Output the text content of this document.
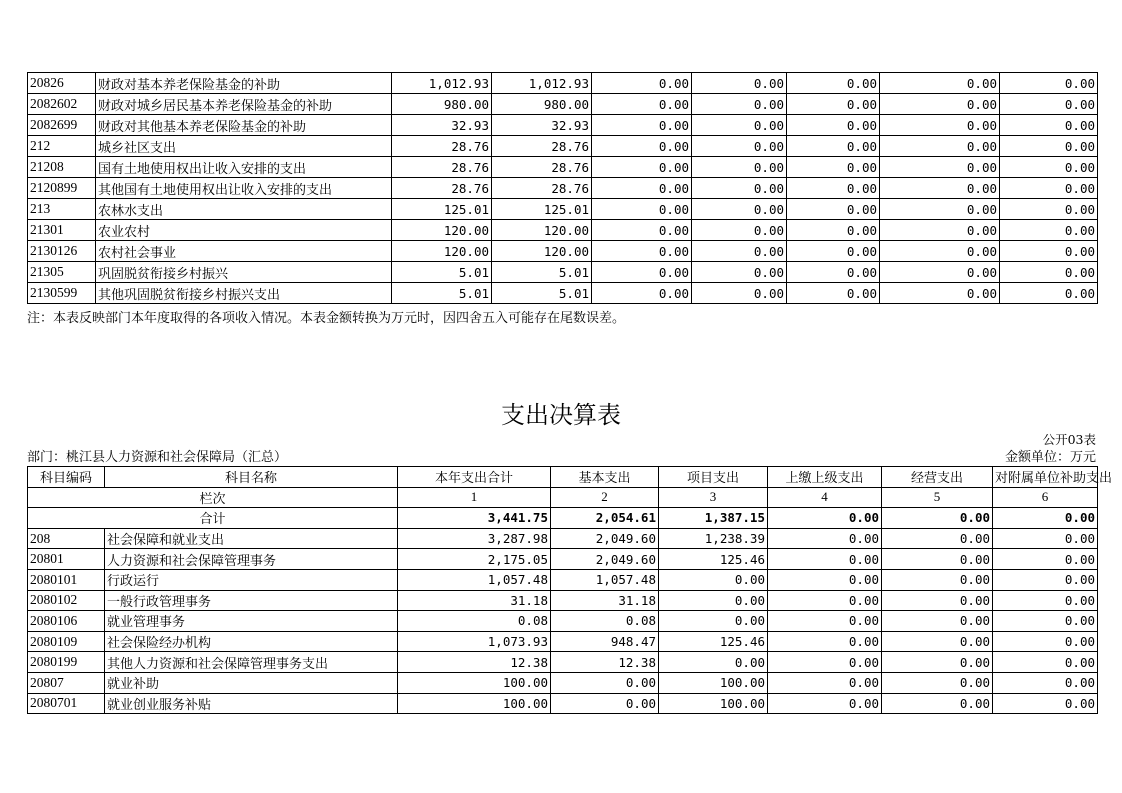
20826	财政对基本养老保险基金的补助	1,012.93	1,012.93	0.00	0.00	0.00	0.00	0.00
2082602	财政对城乡居民基本养老保险基金的补助	980.00	980.00	0.00	0.00	0.00	0.00	0.00
2082699	财政对其他基本养老保险基金的补助	32.93	32.93	0.00	0.00	0.00	0.00	0.00
212	城乡社区支出	28.76	28.76	0.00	0.00	0.00	0.00	0.00
21208	国有土地使用权出让收入安排的支出	28.76	28.76	0.00	0.00	0.00	0.00	0.00
2120899	其他国有土地使用权出让收入安排的支出	28.76	28.76	0.00	0.00	0.00	0.00	0.00
213	农林水支出	125.01	125.01	0.00	0.00	0.00	0.00	0.00
21301	农业农村	120.00	120.00	0.00	0.00	0.00	0.00	0.00
2130126	农村社会事业	120.00	120.00	0.00	0.00	0.00	0.00	0.00
21305	巩固脱贫衔接乡村振兴	5.01	5.01	0.00	0.00	0.00	0.00	0.00
2130599	其他巩固脱贫衔接乡村振兴支出	5.01	5.01	0.00	0.00	0.00	0.00	0.00
注：本表反映部门本年度取得的各项收入情况。本表金额转换为万元时，因四舍五入可能存在尾数误差。
支出决算表
公开03表
部门：桃江县人力资源和社会保障局（汇总）	金额单位：万元
科目编码	科目名称	本年支出合计	基本支出	项目支出	上缴上级支出	经营支出	对附属单位补助支出
栏次		1	2	3	4	5	6
合计		3,441.75	2,054.61	1,387.15	0.00	0.00	0.00
208	社会保障和就业支出	3,287.98	2,049.60	1,238.39	0.00	0.00	0.00
20801	人力资源和社会保障管理事务	2,175.05	2,049.60	125.46	0.00	0.00	0.00
2080101	行政运行	1,057.48	1,057.48	0.00	0.00	0.00	0.00
2080102	一般行政管理事务	31.18	31.18	0.00	0.00	0.00	0.00
2080106	就业管理事务	0.08	0.08	0.00	0.00	0.00	0.00
2080109	社会保险经办机构	1,073.93	948.47	125.46	0.00	0.00	0.00
2080199	其他人力资源和社会保障管理事务支出	12.38	12.38	0.00	0.00	0.00	0.00
20807	就业补助	100.00	0.00	100.00	0.00	0.00	0.00
2080701	就业创业服务补贴	100.00	0.00	100.00	0.00	0.00	0.00
